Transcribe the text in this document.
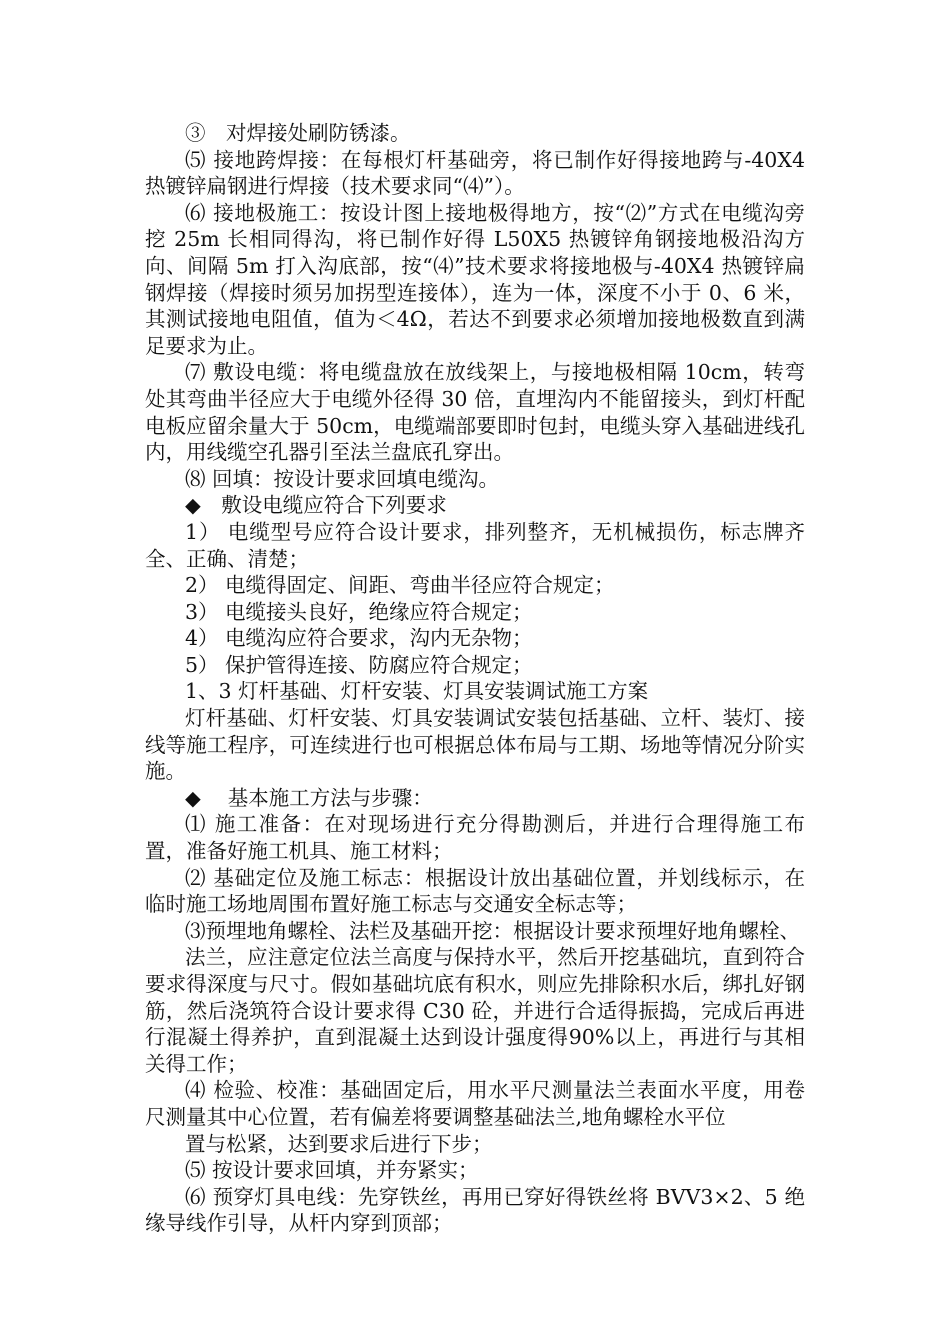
③　对焊接处刷防锈漆。

⑸ 接地跨焊接：在每根灯杆基础旁，将已制作好得接地跨与-40X4 热镀锌扁钢进行焊接（技术要求同“⑷”）。

⑹ 接地极施工：按设计图上接地极得地方，按“⑵”方式在电缆沟旁挖 25m 长相同得沟，将已制作好得 L50X5 热镀锌角钢接地极沿沟方向、间隔 5m 打入沟底部，按“⑷”技术要求将接地极与-40X4 热镀锌扁钢焊接（焊接时须另加拐型连接体），连为一体，深度不小于 0、6 米，其测试接地电阻值，值为＜4Ω，若达不到要求必须增加接地极数直到满足要求为止。

⑺ 敷设电缆：将电缆盘放在放线架上，与接地极相隔 10cm，转弯处其弯曲半径应大于电缆外径得 30 倍，直埋沟内不能留接头，到灯杆配电板应留余量大于 50cm，电缆端部要即时包封，电缆头穿入基础进线孔内，用线缆空孔器引至法兰盘底孔穿出。

⑻ 回填：按设计要求回填电缆沟。

◆　敷设电缆应符合下列要求

1） 电缆型号应符合设计要求，排列整齐，无机械损伤，标志牌齐全、正确、清楚；

2） 电缆得固定、间距、弯曲半径应符合规定；

3） 电缆接头良好，绝缘应符合规定；

4） 电缆沟应符合要求，沟内无杂物；

5） 保护管得连接、防腐应符合规定；

1、3 灯杆基础、灯杆安装、灯具安装调试施工方案

灯杆基础、灯杆安装、灯具安装调试安装包括基础、立杆、装灯、接线等施工程序，可连续进行也可根据总体布局与工期、场地等情况分阶实施。

◆　 基本施工方法与步骤：

⑴ 施工准备：在对现场进行充分得勘测后，并进行合理得施工布置，准备好施工机具、施工材料；

⑵ 基础定位及施工标志：根据设计放出基础位置，并划线标示，在临时施工场地周围布置好施工标志与交通安全标志等；

⑶预埋地角螺栓、法栏及基础开挖：根据设计要求预埋好地角螺栓、

法兰，应注意定位法兰高度与保持水平，然后开挖基础坑，直到符合要求得深度与尺寸。假如基础坑底有积水，则应先排除积水后，绑扎好钢筋，然后浇筑符合设计要求得 C30 砼，并进行合适得振捣，完成后再进行混凝土得养护，直到混凝土达到设计强度得90%以上，再进行与其相关得工作；

⑷ 检验、校准：基础固定后，用水平尺测量法兰表面水平度，用卷尺测量其中心位置，若有偏差将要调整基础法兰,地角螺栓水平位

置与松紧，达到要求后进行下步；

⑸ 按设计要求回填，并夯紧实；

⑹ 预穿灯具电线：先穿铁丝，再用已穿好得铁丝将 BVV3×2、5 绝缘导线作引导，从杆内穿到顶部；
